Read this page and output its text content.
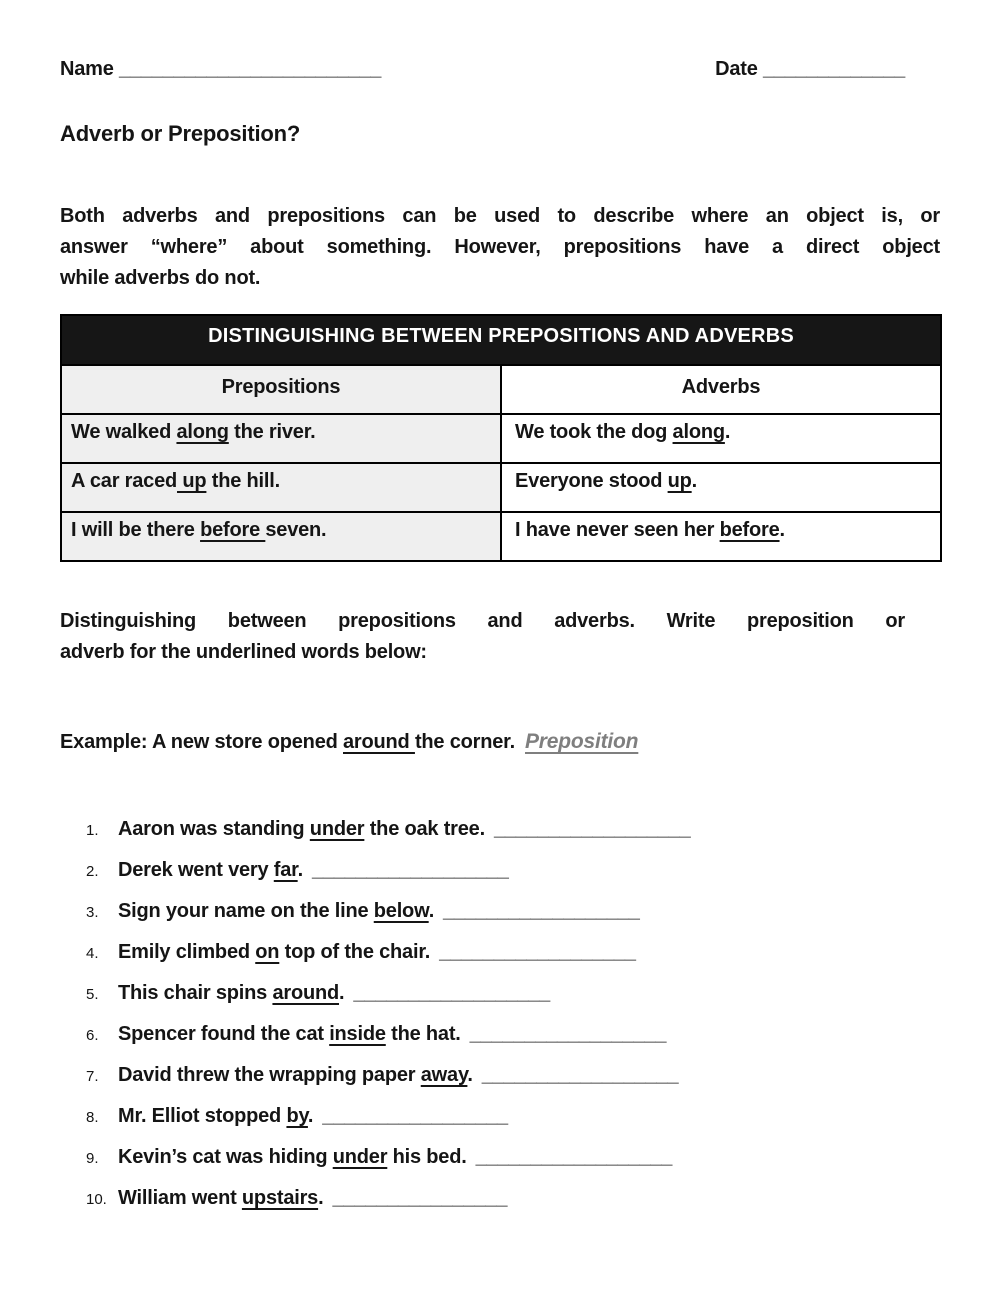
Name ________________________	Date _____________
Adverb or Preposition?
Both adverbs and prepositions can be used to describe where an object is, or
answer “where” about something. However, prepositions have a direct object
while adverbs do not.
DISTINGUISHING BETWEEN PREPOSITIONS AND ADVERBS	
Prepositions	Adverbs
We walked along the river.	We took the dog along.
A car raced up the hill.	Everyone stood up.
I will be there before seven.	I have never seen her before.
Distinguishing between prepositions and adverbs. Write preposition or
adverb for the underlined words below:
Example: A new store opened around the corner. Preposition
1. Aaron was standing under the oak tree. __________________
2. Derek went very far. __________________
3. Sign your name on the line below. __________________
4. Emily climbed on top of the chair. __________________
5. This chair spins around. __________________
6. Spencer found the cat inside the hat. __________________
7. David threw the wrapping paper away. __________________
8. Mr. Elliot stopped by. _________________
9. Kevin’s cat was hiding under his bed. __________________
10. William went upstairs. ________________
